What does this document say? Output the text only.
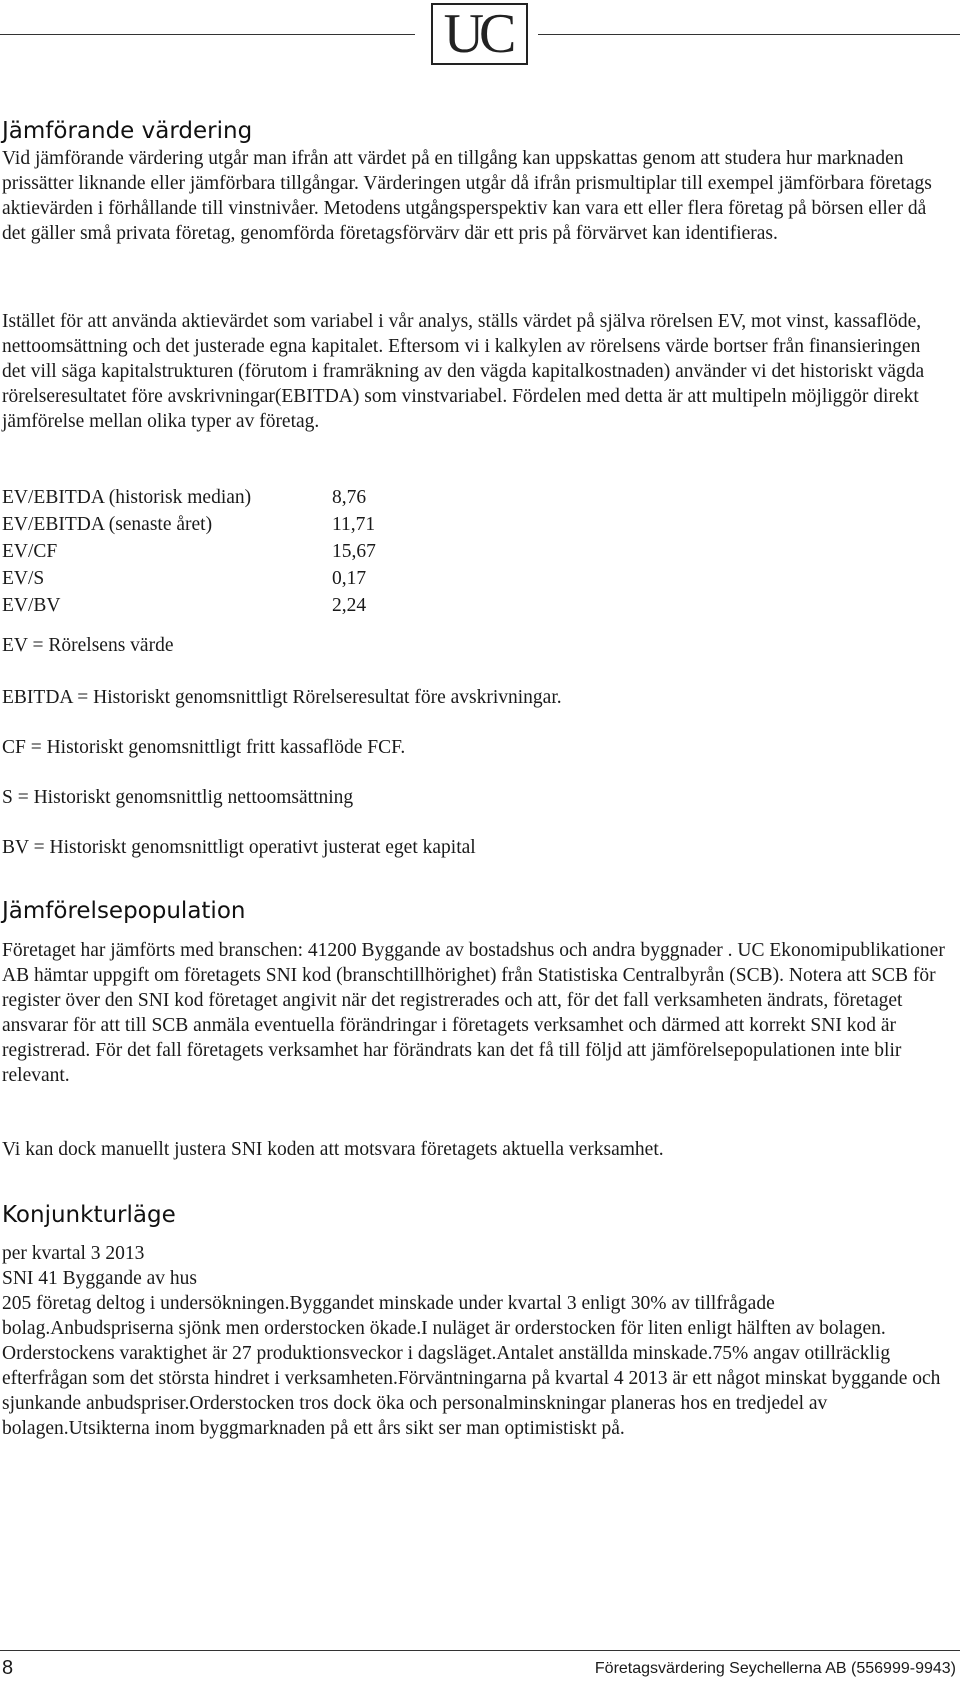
UC
Jämförande värdering

Vid jämförande värdering utgår man ifrån att värdet på en tillgång kan uppskattas genom att studera hur marknaden prissätter liknande eller jämförbara tillgångar. Värderingen utgår då ifrån prismultiplar till exempel jämförbara företags aktievärden i förhållande till vinstnivåer. Metodens utgångsperspektiv kan vara ett eller flera företag på börsen eller då det gäller små privata företag, genomförda företagsförvärv där ett pris på förvärvet kan identifieras.

Istället för att använda aktievärdet som variabel i vår analys, ställs värdet på själva rörelsen EV, mot vinst, kassaflöde, nettoomsättning och det justerade egna kapitalet. Eftersom vi i kalkylen av rörelsens värde bortser från finansieringen det vill säga kapitalstrukturen (förutom i framräkning av den vägda kapitalkostnaden) använder vi det historiskt vägda rörelseresultatet före avskrivningar(EBITDA) som vinstvariabel. Fördelen med detta är att multipeln möjliggör direkt jämförelse mellan olika typer av företag.

EV/EBITDA (historisk median)	8,76
EV/EBITDA (senaste året)	11,71
EV/CF	15,67
EV/S	0,17
EV/BV	2,24
EV = Rörelsens värde
EBITDA = Historiskt genomsnittligt Rörelseresultat före avskrivningar.
CF = Historiskt genomsnittligt fritt kassaflöde FCF.
S = Historiskt genomsnittlig nettoomsättning
BV = Historiskt genomsnittligt operativt justerat eget kapital
Jämförelsepopulation

Företaget har jämförts med branschen: 41200 Byggande av bostadshus och andra byggnader . UC Ekonomipublikationer AB hämtar uppgift om företagets SNI kod (branschtillhörighet) från Statistiska Centralbyrån (SCB). Notera att SCB för register över den SNI kod företaget angivit när det registrerades och att, för det fall verksamheten ändrats, företaget ansvarar för att till SCB anmäla eventuella förändringar i företagets verksamhet och därmed att korrekt SNI kod är registrerad. För det fall företagets verksamhet har förändrats kan det få till följd att jämförelsepopulationen inte blir relevant.

Vi kan dock manuellt justera SNI koden att motsvara företagets aktuella verksamhet.

Konjunkturläge
per kvartal 3 2013
SNI 41 Byggande av hus
205 företag deltog i undersökningen.Byggandet minskade under kvartal 3 enligt 30% av tillfrågade bolag.Anbudspriserna sjönk men orderstocken ökade.I nuläget är orderstocken för liten enligt hälften av bolagen. Orderstockens varaktighet är 27 produktionsveckor i dagsläget.Antalet anställda minskade.75% angav otillräcklig efterfrågan som det största hindret i verksamheten.Förväntningarna på kvartal 4 2013 är ett något minskat byggande och sjunkande anbudspriser.Orderstocken tros dock öka och personalminskningar planeras hos en tredjedel av bolagen.Utsikterna inom byggmarknaden på ett års sikt ser man optimistiskt på.
8	Företagsvärdering Seychellerna AB (556999-9943)
